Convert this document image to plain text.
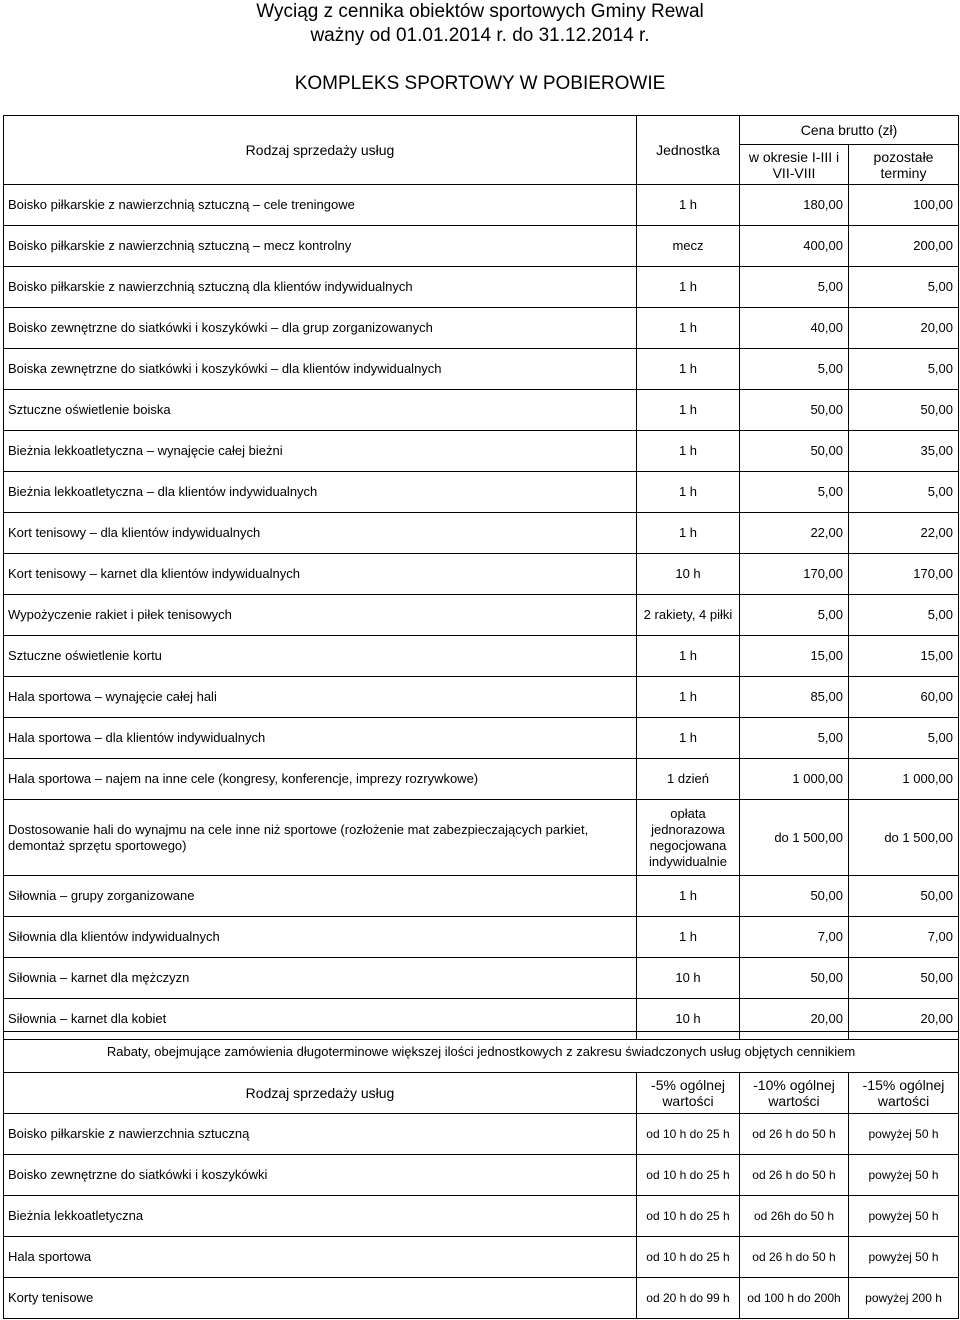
Wyciąg z cennika obiektów sportowych Gminy Rewal
ważny od 01.01.2014 r. do 31.12.2014 r.
KOMPLEKS SPORTOWY W POBIEROWIE
Rodzaj sprzedaży usług	Jednostka	Cena brutto (zł)	
		w okresie I-III i VII-VIII	pozostałe terminy
Boisko piłkarskie z nawierzchnią sztuczną – cele treningowe	1 h	180,00	100,00
Boisko piłkarskie z nawierzchnią sztuczną – mecz kontrolny	mecz	400,00	200,00
Boisko piłkarskie z nawierzchnią sztuczną dla klientów indywidualnych	1 h	5,00	5,00
Boisko zewnętrzne do siatkówki i koszykówki – dla grup zorganizowanych	1 h	40,00	20,00
Boiska zewnętrzne do siatkówki i koszykówki – dla klientów indywidualnych	1 h	5,00	5,00
Sztuczne oświetlenie boiska	1 h	50,00	50,00
Bieżnia lekkoatletyczna – wynajęcie całej bieżni	1 h	50,00	35,00
Bieżnia lekkoatletyczna – dla klientów indywidualnych	1 h	5,00	5,00
Kort tenisowy – dla klientów indywidualnych	1 h	22,00	22,00
Kort tenisowy – karnet dla klientów indywidualnych	10 h	170,00	170,00
Wypożyczenie rakiet i piłek tenisowych	2 rakiety, 4 piłki	5,00	5,00
Sztuczne oświetlenie kortu	1 h	15,00	15,00
Hala sportowa – wynajęcie całej hali	1 h	85,00	60,00
Hala sportowa – dla klientów indywidualnych	1 h	5,00	5,00
Hala sportowa – najem na inne cele (kongresy, konferencje, imprezy rozrywkowe)	1 dzień	1 000,00	1 000,00
Dostosowanie hali do wynajmu na cele inne niż sportowe (rozłożenie mat zabezpieczających parkiet, demontaż sprzętu sportowego)	opłata jednorazowa negocjowana indywidualnie	do 1 500,00	do 1 500,00
Siłownia – grupy zorganizowane	1 h	50,00	50,00
Siłownia dla klientów indywidualnych	1 h	7,00	7,00
Siłownia – karnet dla mężczyzn	10 h	50,00	50,00
Siłownia – karnet dla kobiet	10 h	20,00	20,00
Rabaty, obejmujące zamówienia długoterminowe większej ilości jednostkowych z zakresu świadczonych usług objętych cennikiem			
Rodzaj sprzedaży usług	-5% ogólnej wartości	-10% ogólnej wartości	-15% ogólnej wartości
Boisko piłkarskie z nawierzchnia sztuczną	od 10 h do 25 h	od 26 h do 50 h	powyżej 50 h
Boisko zewnętrzne do siatkówki i koszykówki	od 10 h do 25 h	od 26 h do 50 h	powyżej 50 h
Bieżnia lekkoatletyczna	od 10 h do 25 h	od 26h do 50 h	powyżej 50 h
Hala sportowa	od 10 h do 25 h	od 26 h do 50 h	powyżej 50 h
Korty tenisowe	od 20 h do 99 h	od 100 h do 200h	powyżej 200 h
